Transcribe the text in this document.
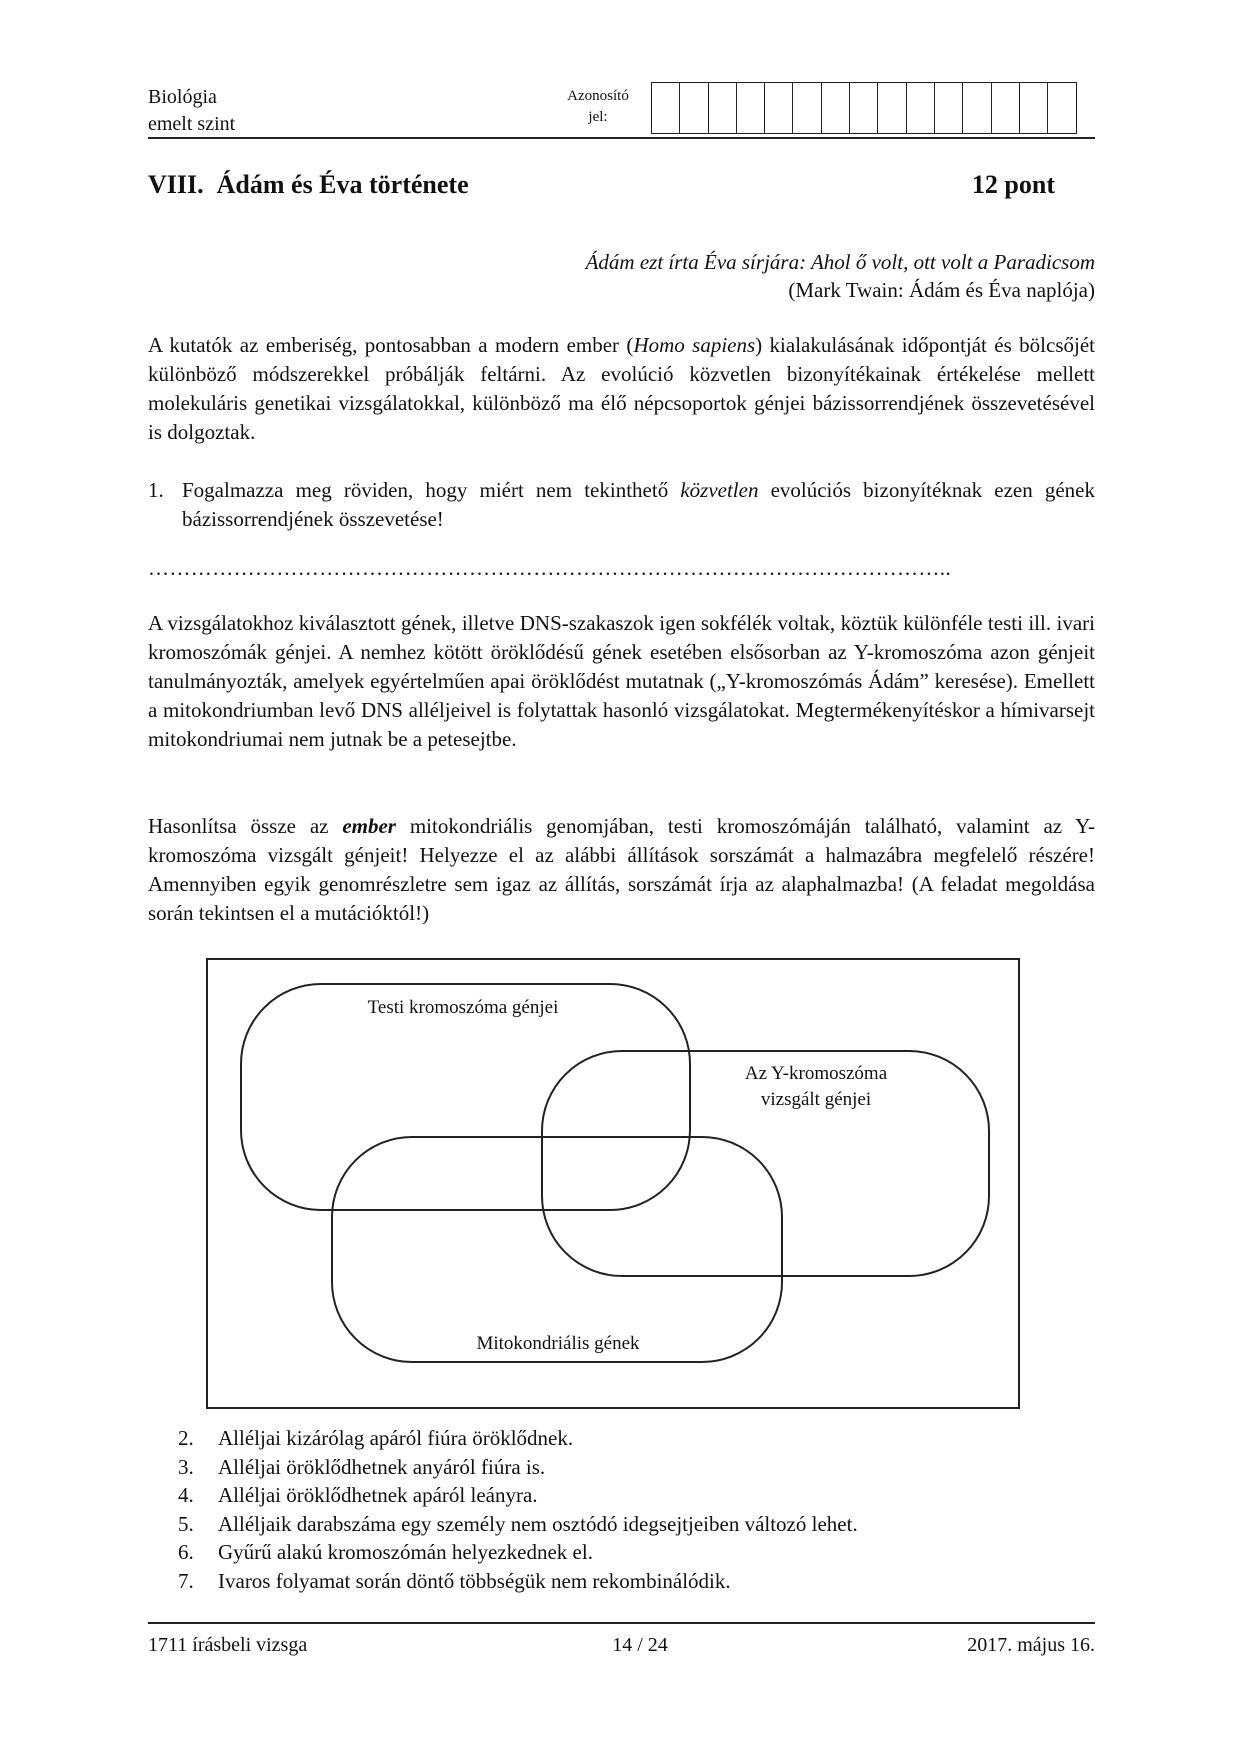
Biológia
emelt szint
Azonosító
jel:
VIII.  Ádám és Éva története	12 pont
Ádám ezt írta Éva sírjára: Ahol ő volt, ott volt a Paradicsom
(Mark Twain: Ádám és Éva naplója)

A kutatók az emberiség, pontosabban a modern ember (Homo sapiens) kialakulásának időpontját és bölcsőjét különböző módszerekkel próbálják feltárni. Az evolúció közvetlen bizonyítékainak értékelése mellett molekuláris genetikai vizsgálatokkal, különböző ma élő népcsoportok génjei bázissorrendjének összevetésével is dolgoztak.

1. Fogalmazza meg röviden, hogy miért nem tekinthető közvetlen evolúciós bizonyítéknak ezen gének bázissorrendjének összevetése!
…………………………………………………………………………………………………..

A vizsgálatokhoz kiválasztott gének, illetve DNS-szakaszok igen sokfélék voltak, köztük különféle testi ill. ivari kromoszómák génjei. A nemhez kötött öröklődésű gének esetében elsősorban az Y-kromoszóma azon génjeit tanulmányozták, amelyek egyértelműen apai öröklődést mutatnak („Y-kromoszómás Ádám” keresése). Emellett a mitokondriumban levő DNS alléljeivel is folytattak hasonló vizsgálatokat. Megtermékenyítéskor a hímivarsejt mitokondriumai nem jutnak be a petesejtbe.

Hasonlítsa össze az ember mitokondriális genomjában, testi kromoszómáján található, valamint az Y-kromoszóma vizsgált génjeit! Helyezze el az alábbi állítások sorszámát a halmazábra megfelelő részére! Amennyiben egyik genomrészletre sem igaz az állítás, sorszámát írja az alaphalmazba! (A feladat megoldása során tekintsen el a mutációktól!)

Testi kromoszóma génjei
Az Y-kromoszóma
vizsgált génjei
Mitokondriális gének
2.	Alléljai kizárólag apáról fiúra öröklődnek.
3.	Alléljai öröklődhetnek anyáról fiúra is.
4.	Alléljai öröklődhetnek apáról leányra.
5.	Alléljaik darabszáma egy személy nem osztódó idegsejtjeiben változó lehet.
6.	Gyűrű alakú kromoszómán helyezkednek el.
7.	Ivaros folyamat során döntő többségük nem rekombinálódik.
1711 írásbeli vizsga	14 / 24	2017. május 16.
